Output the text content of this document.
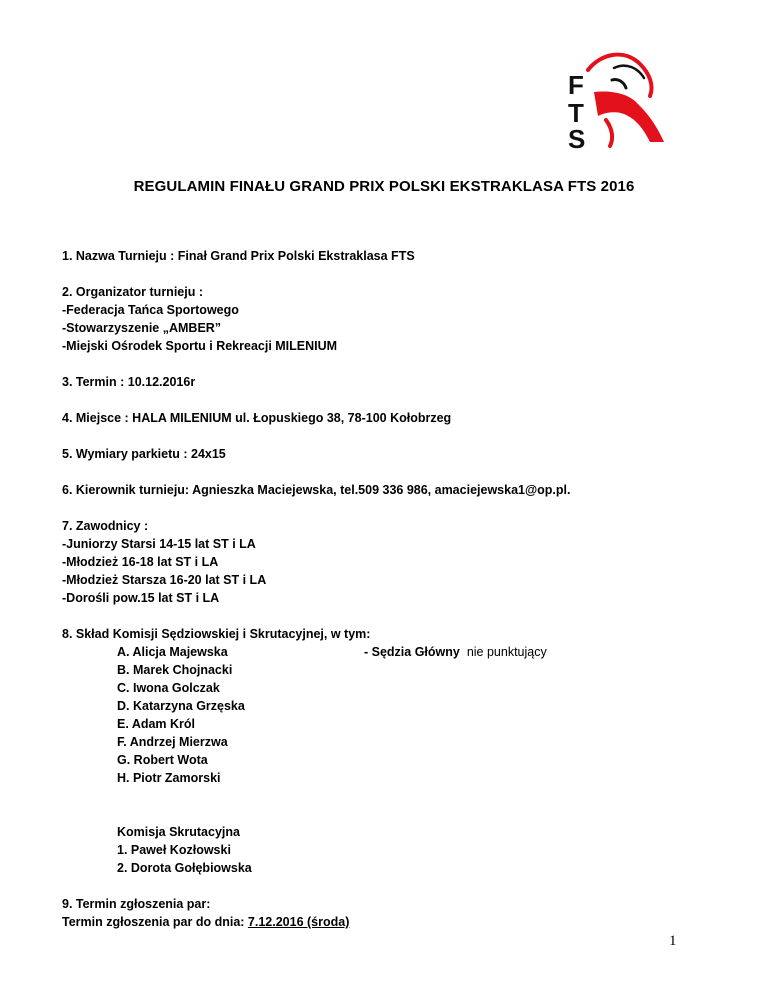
F
T
S
REGULAMIN FINAŁU GRAND PRIX POLSKI EKSTRAKLASA FTS 2016

1. Nazwa Turnieju : Finał Grand Prix Polski Ekstraklasa FTS

2. Organizator turnieju :

-Federacja Tańca Sportowego

-Stowarzyszenie „AMBER”

-Miejski Ośrodek Sportu i Rekreacji MILENIUM

3. Termin : 10.12.2016r

4. Miejsce : HALA MILENIUM ul. Łopuskiego 38, 78-100 Kołobrzeg

5. Wymiary parkietu : 24x15

6. Kierownik turnieju: Agnieszka Maciejewska, tel.509 336 986, amaciejewska1@op.pl.

7. Zawodnicy :

-Juniorzy Starsi 14-15 lat ST i LA

-Młodzież 16-18 lat ST i LA

-Młodzież Starsza 16-20 lat ST i LA

-Dorośli pow.15 lat ST i LA

8. Skład Komisji Sędziowskiej i Skrutacyjnej, w tym:

A. Alicja Majewska	- Sędzia Główny nie punktujący

B. Marek Chojnacki

C. Iwona Golczak

D. Katarzyna Grzęska

E. Adam Król

F. Andrzej Mierzwa

G. Robert Wota

H. Piotr Zamorski

Komisja Skrutacyjna

1. Paweł Kozłowski

2. Dorota Gołębiowska

9. Termin zgłoszenia par:

Termin zgłoszenia par do dnia: 7.12.2016 (środa)

1
